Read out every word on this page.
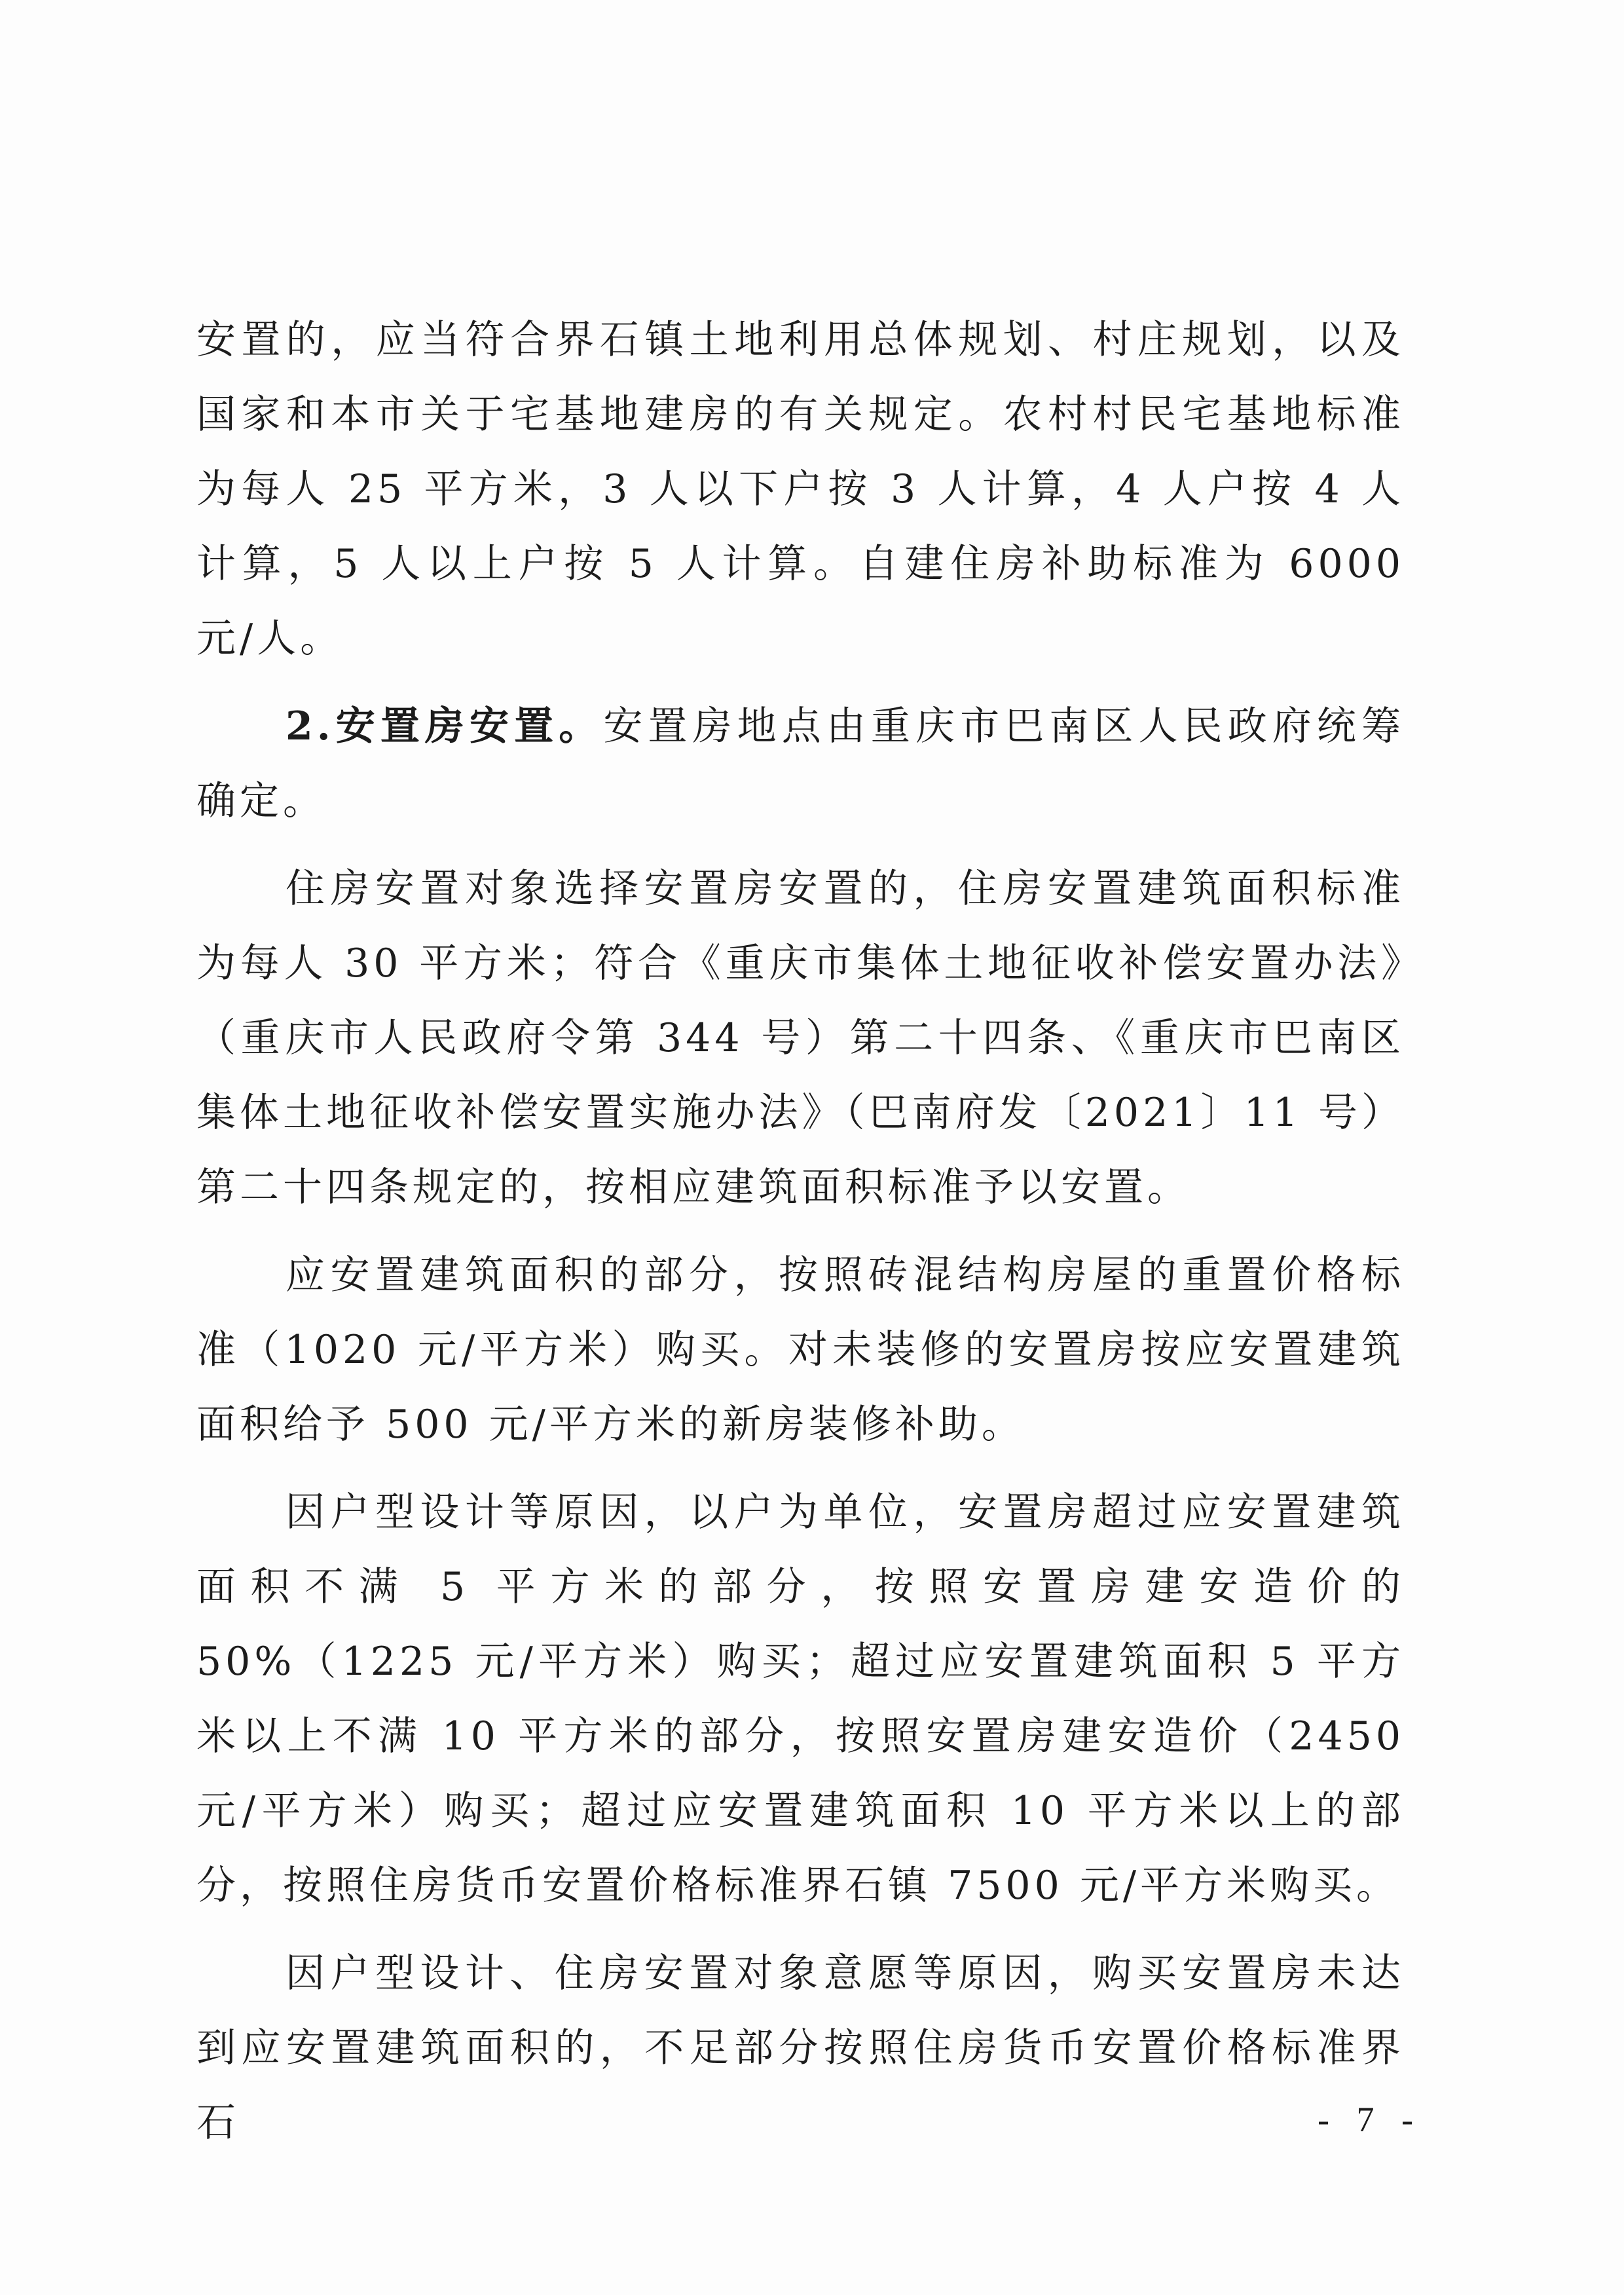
安置的，应当符合界石镇土地利用总体规划、村庄规划，以及国家和本市关于宅基地建房的有关规定。农村村民宅基地标准为每人 25 平方米，3 人以下户按 3 人计算，4 人户按 4 人计算，5 人以上户按 5 人计算。自建住房补助标准为 6000 元/人。

2.安置房安置。安置房地点由重庆市巴南区人民政府统筹确定。

住房安置对象选择安置房安置的，住房安置建筑面积标准为每人 30 平方米；符合《重庆市集体土地征收补偿安置办法》（重庆市人民政府令第 344 号）第二十四条、《重庆市巴南区集体土地征收补偿安置实施办法》（巴南府发〔2021〕11 号）第二十四条规定的，按相应建筑面积标准予以安置。

应安置建筑面积的部分，按照砖混结构房屋的重置价格标准（1020 元/平方米）购买。对未装修的安置房按应安置建筑面积给予 500 元/平方米的新房装修补助。

因户型设计等原因，以户为单位，安置房超过应安置建筑面积不满 5 平方米的部分，按照安置房建安造价的 50%（1225 元/平方米）购买；超过应安置建筑面积 5 平方米以上不满 10 平方米的部分，按照安置房建安造价（2450 元/平方米）购买；超过应安置建筑面积 10 平方米以上的部分，按照住房货币安置价格标准界石镇 7500 元/平方米购买。

因户型设计、住房安置对象意愿等原因，购买安置房未达到应安置建筑面积的，不足部分按照住房货币安置价格标准界石	- 7 -
